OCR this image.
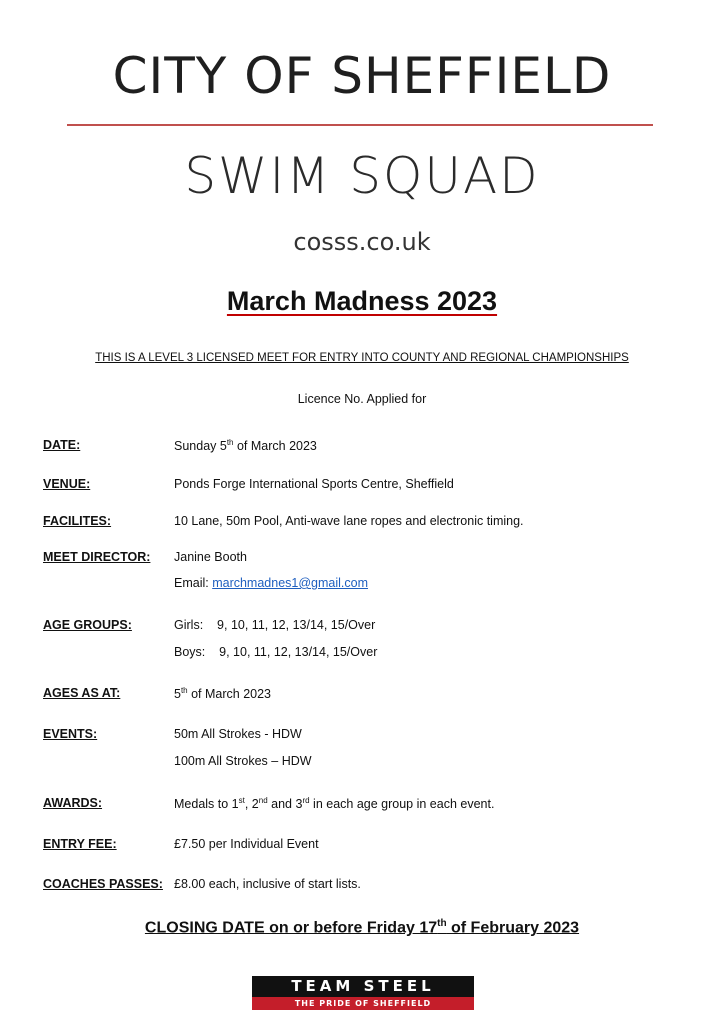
CITY OF SHEFFIELD
SWIM SQUAD
cosss.co.uk
March Madness 2023
THIS IS A LEVEL 3 LICENSED MEET FOR ENTRY INTO COUNTY AND REGIONAL CHAMPIONSHIPS
Licence No. Applied for
DATE:	Sunday 5th of March 2023
VENUE:	Ponds Forge International Sports Centre, Sheffield
FACILITES:	10 Lane, 50m Pool, Anti-wave lane ropes and electronic timing.
MEET DIRECTOR: Janine Booth
Email: marchmadnes1@gmail.com
AGE GROUPS:	Girls:    9, 10, 11, 12, 13/14, 15/Over
Boys:    9, 10, 11, 12, 13/14, 15/Over
AGES AS AT:	5th of March 2023
EVENTS:	50m All Strokes - HDW
100m All Strokes – HDW
AWARDS:	Medals to 1st, 2nd and 3rd in each age group in each event.
ENTRY FEE:	£7.50 per Individual Event
COACHES PASSES: £8.00 each, inclusive of start lists.
CLOSING DATE on or before Friday 17th of February 2023
TEAM STEEL
THE PRIDE OF SHEFFIELD
